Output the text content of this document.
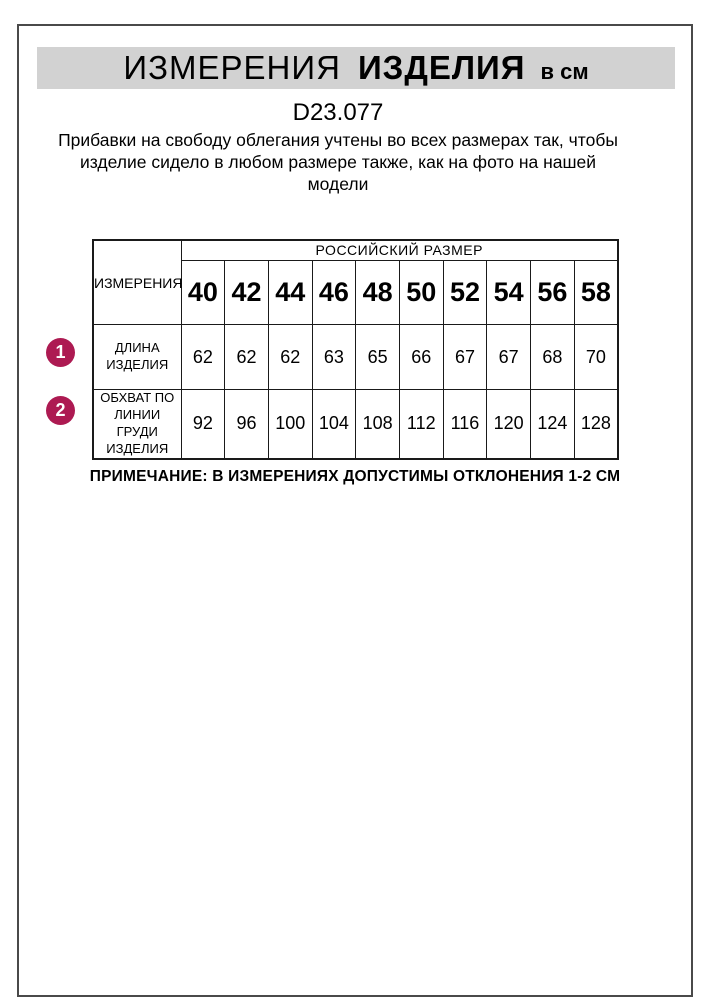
ИЗМЕРЕНИЯ ИЗДЕЛИЯ в см
D23.077
Прибавки на свободу облегания учтены во всех размерах так, чтобы
изделие сидело в любом размере также, как на фото на нашей
модели
ИЗМЕРЕНИЯ	РОССИЙСКИЙ РАЗМЕР									
	40	42	44	46	48	50	52	54	56	58
ДЛИНА ИЗДЕЛИЯ	62	62	62	63	65	66	67	67	68	70
ОБХВАТ ПО ЛИНИИ ГРУДИ ИЗДЕЛИЯ	92	96	100	104	108	112	116	120	124	128
1
2
ПРИМЕЧАНИЕ: В ИЗМЕРЕНИЯХ ДОПУСТИМЫ ОТКЛОНЕНИЯ 1-2 СМ
